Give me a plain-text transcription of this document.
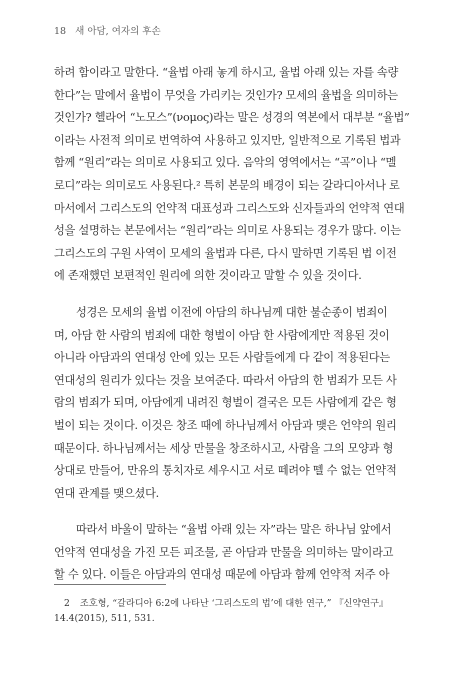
18 새 아담, 여자의 후손
하려 함이라고 말한다. “율법 아래 놓게 하시고, 율법 아래 있는 자를 속량
한다”는 말에서 율법이 무엇을 가리키는 것인가? 모세의 율법을 의미하는
것인가? 헬라어 “노모스”(νομος)라는 말은 성경의 역본에서 대부분 “율법”
이라는 사전적 의미로 번역하여 사용하고 있지만, 일반적으로 기록된 법과
함께 “원리”라는 의미로 사용되고 있다. 음악의 영역에서는 “곡”이나 “멜
로디”라는 의미로도 사용된다.² 특히 본문의 배경이 되는 갈라디아서나 로
마서에서 그리스도의 언약적 대표성과 그리스도와 신자들과의 언약적 연대
성을 설명하는 본문에서는 “원리”라는 의미로 사용되는 경우가 많다. 이는
그리스도의 구원 사역이 모세의 율법과 다른, 다시 말하면 기록된 법 이전
에 존재했던 보편적인 원리에 의한 것이라고 말할 수 있을 것이다.
성경은 모세의 율법 이전에 아담의 하나님께 대한 불순종이 범죄이
며, 아담 한 사람의 범죄에 대한 형벌이 아담 한 사람에게만 적용된 것이
아니라 아담과의 연대성 안에 있는 모든 사람들에게 다 같이 적용된다는
연대성의 원리가 있다는 것을 보여준다. 따라서 아담의 한 범죄가 모든 사
람의 범죄가 되며, 아담에게 내려진 형벌이 결국은 모든 사람에게 같은 형
벌이 되는 것이다. 이것은 창조 때에 하나님께서 아담과 맺은 언약의 원리
때문이다. 하나님께서는 세상 만물을 창조하시고, 사람을 그의 모양과 형
상대로 만들어, 만유의 통치자로 세우시고 서로 떼려야 뗄 수 없는 언약적
연대 관계를 맺으셨다.
따라서 바울이 말하는 “율법 아래 있는 자”라는 말은 하나님 앞에서
언약적 연대성을 가진 모든 피조물, 곧 아담과 만물을 의미하는 말이라고
할 수 있다. 이들은 아담과의 연대성 때문에 아담과 함께 언약적 저주 아
2 조호형, “갈라디아 6:2에 나타난 ‘그리스도의 법’에 대한 연구,” 『신약연구』
14.4(2015), 511, 531.
